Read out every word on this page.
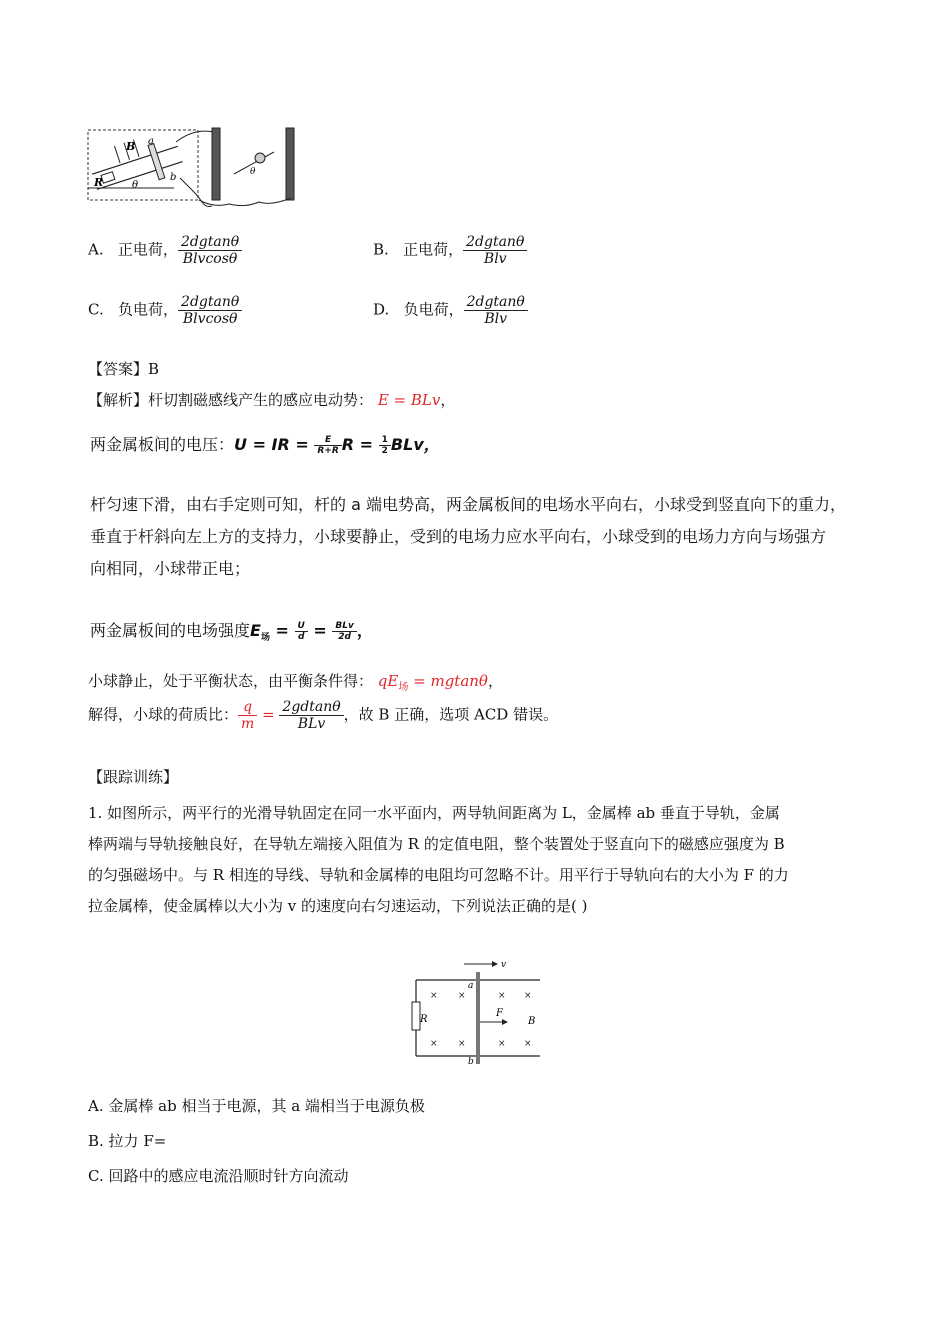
B a
b
R	θ
θ
A. 正电荷， $\frac{2dgtan\theta}{\text{Blvcosθ}}$	B. 正电荷， $\frac{2dgtan\theta}{\text{Blv}}$
C. 负电荷， $\frac{2dgtan\theta}{\text{Blvcosθ}}$	D. 负电荷， $\frac{2dgtan\theta}{\text{Blv}}$
【答案】B
【解析】杆切割磁感线产生的感应电动势： E = BLv，
两金属板间的电压：U = IR = $\frac{E}{R+R}$ $R = \frac{1}{2}$ BLv，
杆匀速下滑，由右手定则可知，杆的 a 端电势高，两金属板间的电场水平向右，小球受到竖直向下的重力，
垂直于杆斜向左上方的支持力，小球要静止，受到的电场力应水平向右，小球受到的电场力方向与场强方
向相同，小球带正电；
两金属板间的电场强度$E_场 = \frac{U}{d} = \frac{\text{BLv}}{2d}$ ，
小球静止，处于平衡状态，由平衡条件得： $qE_场 = mgtan\theta$，
解得，小球的荷质比： $\frac{q}{m} = \frac{2gdtan\theta}{\text{BLv}}$ ，故 B 正确，选项 ACD 错误。
【跟踪训练】
1. 如图所示，两平行的光滑导轨固定在同一水平面内，两导轨间距离为 L，金属棒 ab 垂直于导轨，金属
棒两端与导轨接触良好，在导轨左端接入阻值为 R 的定值电阻，整个装置处于竖直向下的磁感应强度为 B
的匀强磁场中。与 R 相连的导线、导轨和金属棒的电阻均可忽略不计。用平行于导轨向右的大小为 F 的力
拉金属棒，使金属棒以大小为 v 的速度向右匀速运动，下列说法正确的是( )
R
v
a
b
F
B
× ×	× ×
× ×	× ×
A. 金属棒 ab 相当于电源，其 a 端相当于电源负极
B. 拉力 F=
C. 回路中的感应电流沿顺时针方向流动
